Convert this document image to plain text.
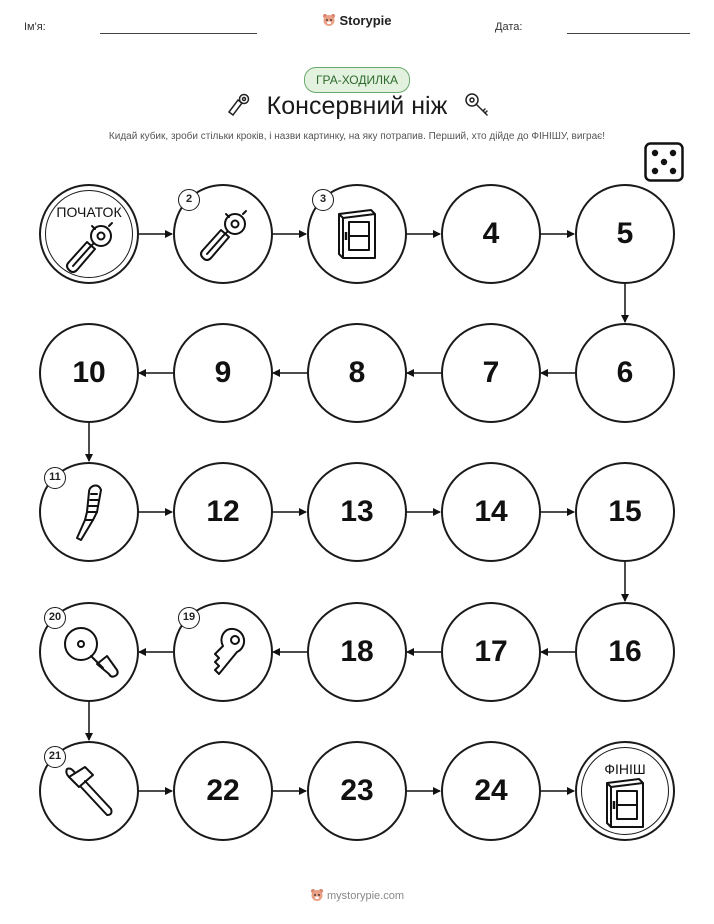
Ім'я:	Storypie	Дата:
ГРА-ХОДИЛКА
Консервний ніж
Кидай кубик, зроби стільки кроків, і назви картинку, на яку потрапив. Перший, хто дійде до ФІНІШУ, виграє!
ПОЧАТОК
2	3
4	5
6
7
8
9
10
11
12	13	14	15
16
17
18
19
20
21
22	23	24
ФІНІШ
mystorypie.com
